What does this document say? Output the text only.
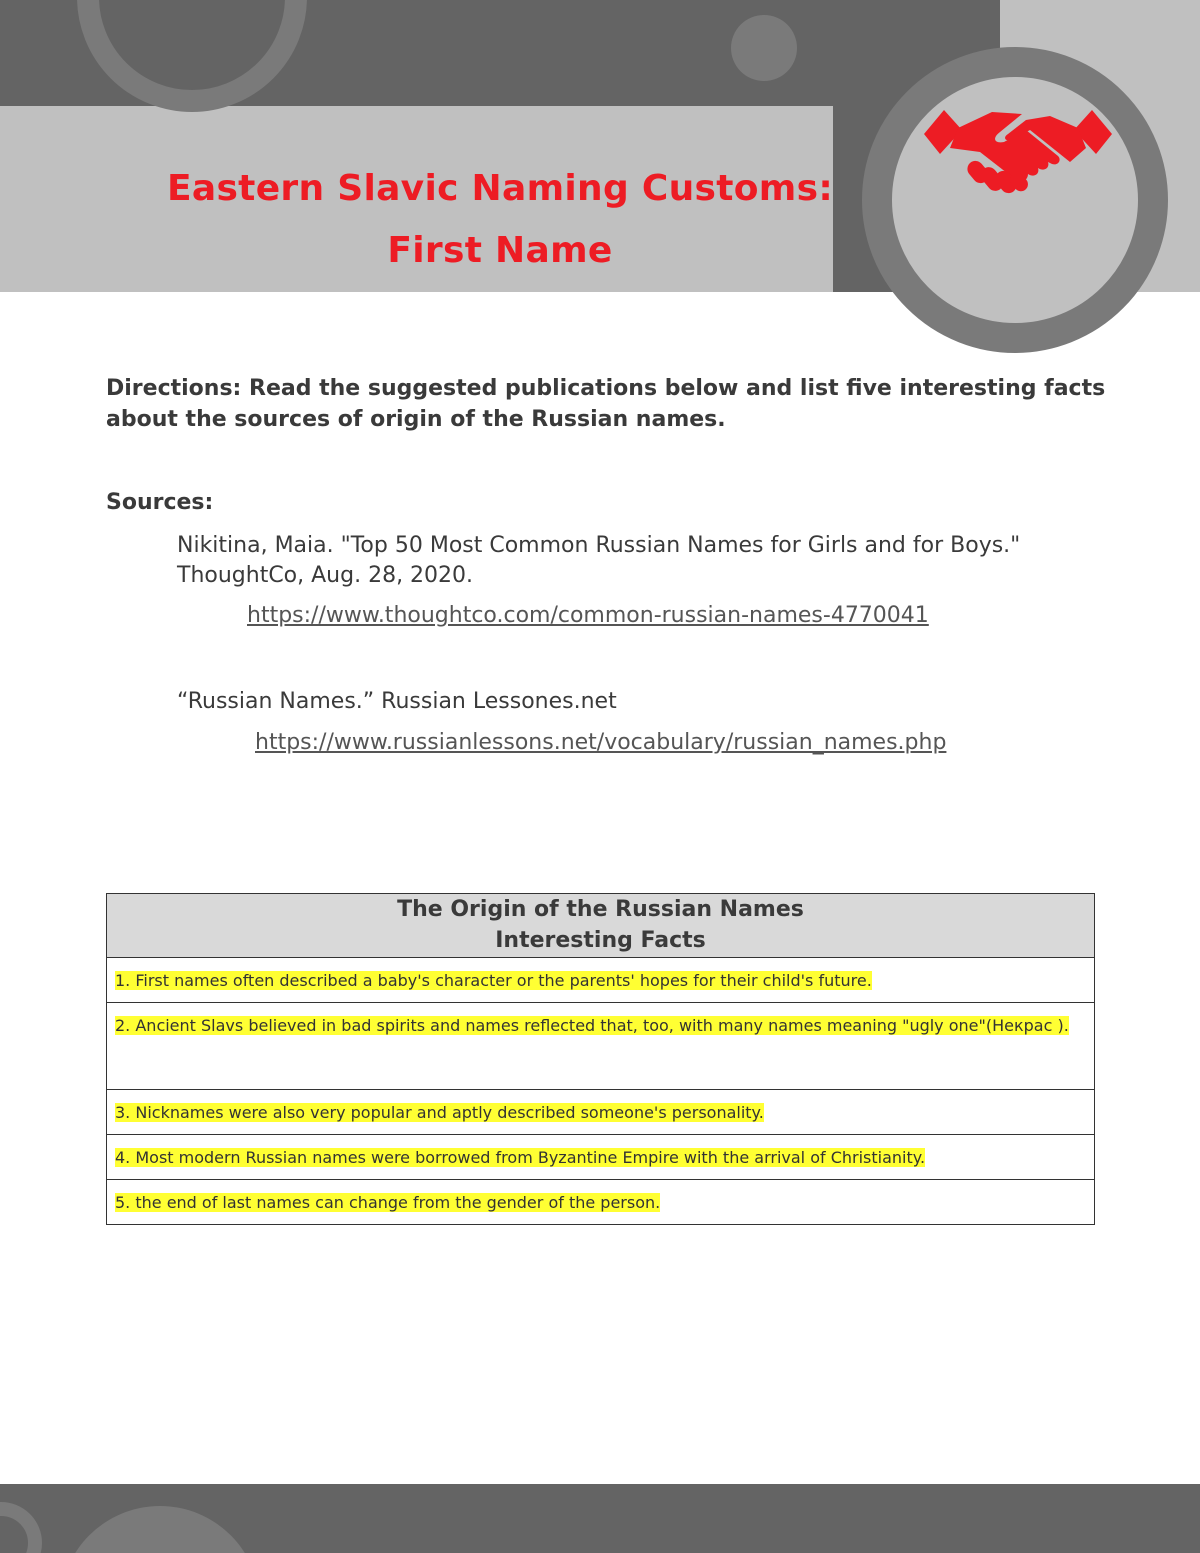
Eastern Slavic Naming Customs:
First Name
Directions: Read the suggested publications below and list five interesting facts about the sources of origin of the Russian names.
Sources:
Nikitina, Maia. "Top 50 Most Common Russian Names for Girls and for Boys."
ThoughtCo, Aug. 28, 2020.
https://www.thoughtco.com/common-russian-names-4770041
“Russian Names.” Russian Lessones.net
https://www.russianlessons.net/vocabulary/russian_names.php
The Origin of the Russian Names
Interesting Facts

1. First names often described a baby's character or the parents' hopes for their child's future.
2. Ancient Slavs believed in bad spirits and names reflected that, too, with many names meaning "ugly one"(Некрас ).
3. Nicknames were also very popular and aptly described someone's personality.
4. Most modern Russian names were borrowed from Byzantine Empire with the arrival of Christianity.
5. the end of last names can change from the gender of the person.
